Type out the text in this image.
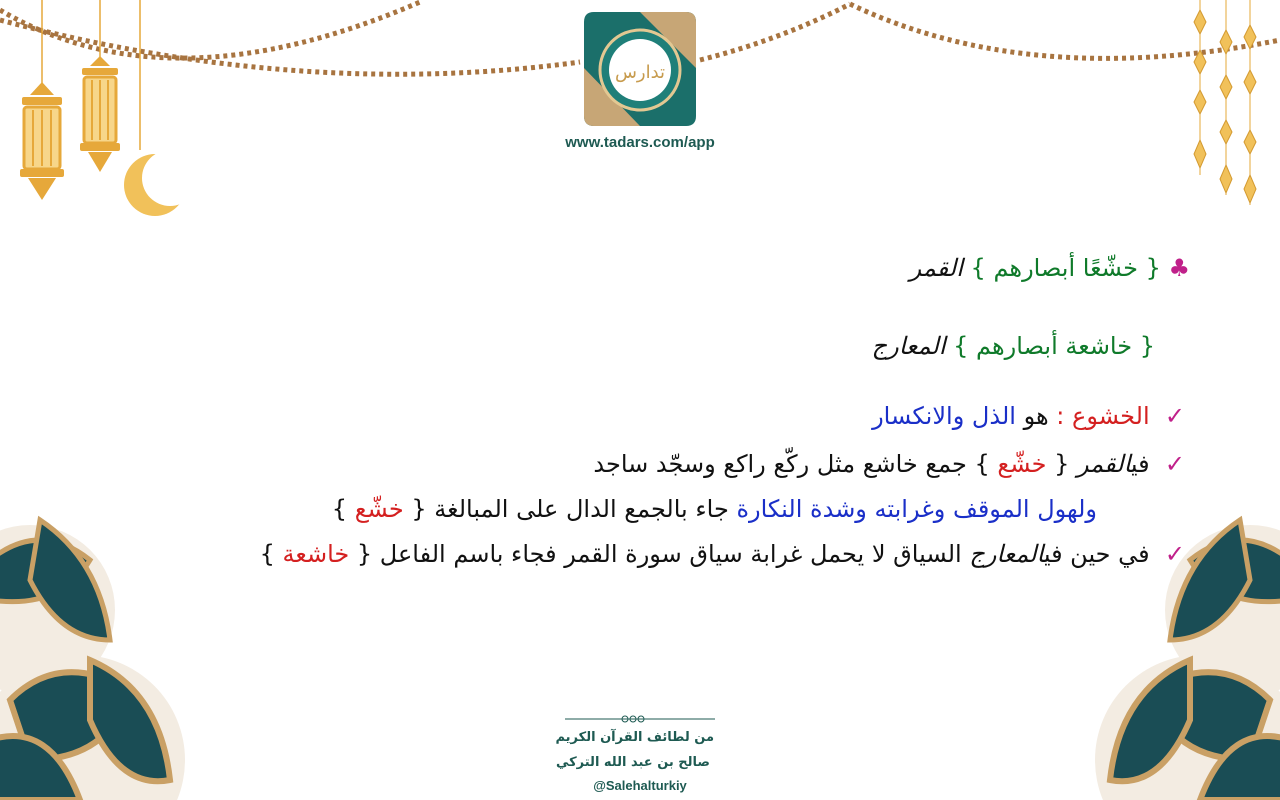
تدارس
www.tadars.com/app
♣ { خشّعًا أبصارهم } القمر
{ خاشعة أبصارهم } المعارج
✓  الخشوع : هو الذل والانكسار
✓  فيالقمر { خشّع } جمع خاشع مثل ركّع راكع وسجّد ساجد
ولهول الموقف وغرابته وشدة النكارة جاء بالجمع الدال على المبالغة { خشّع }
✓  في حين فيالمعارج السياق لا يحمل غرابة سياق سورة القمر فجاء باسم الفاعل { خاشعة }
من لطائف القرآن الكريم
صالح بن عبد الله التركي
@Salehalturkiy
